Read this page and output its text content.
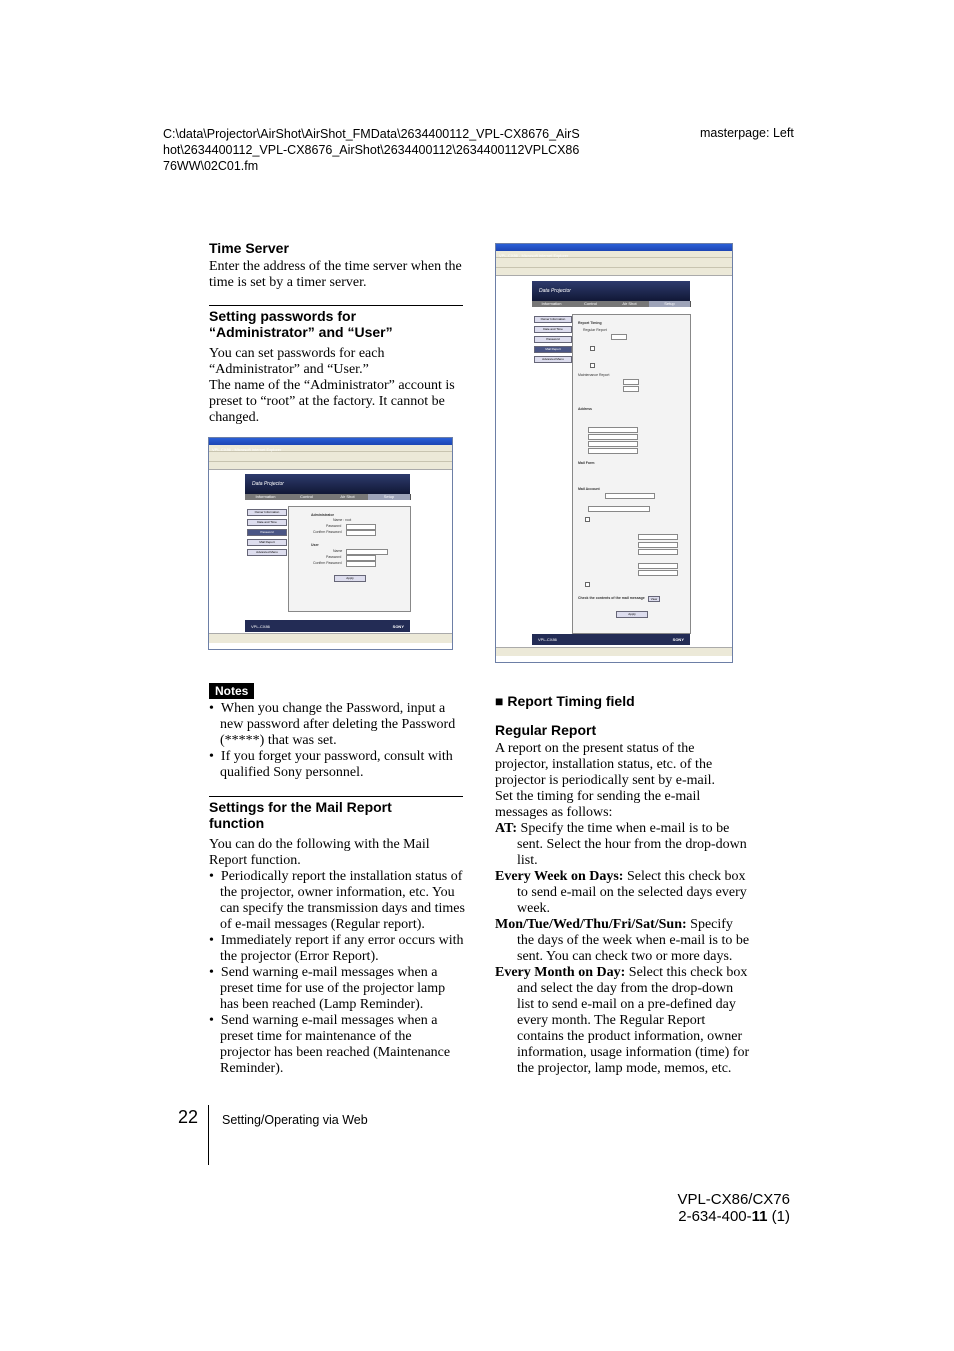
C:\data\Projector\AirShot\AirShot_FMData\2634400112_VPL-CX8676_AirShot\2634400112_VPL-CX8676_AirShot\2634400112\2634400112VPLCX8676WW\02C01.fm
masterpage: Left
Time Server
Enter the address of the time server when the time is set by a timer server.
Setting passwords for “Administrator” and “User”
You can set passwords for each “Administrator” and “User.”
The name of the “Administrator” account is preset to “root” at the factory. It cannot be changed.
VPL-CX86 - Microsoft Internet Explorer
Data Projector
Information	Control	Air Shot	Setup
Owner Information
Date and Time
Password
Mail Report
Advanced Menu
Administrator
Name : root
Password
Confirm Password
User
Name
Password
Confirm Password
Apply
VPL-CX86	SONY
Notes

•  When you change the Password, input a new password after deleting the Password (*****) that was set.

•  If you forget your password, consult with qualified Sony personnel.

Settings for the Mail Report function
You can do the following with the Mail Report function.

•  Periodically report the installation status of the projector, owner information, etc. You can specify the transmission days and times of e-mail messages (Regular report).

•  Immediately report if any error occurs with the projector (Error Report).

•  Send warning e-mail messages when a preset time for use of the projector lamp has been reached (Lamp Reminder).

•  Send warning e-mail messages when a preset time for maintenance of the projector has been reached (Maintenance Reminder).

VPL-CX86 - Microsoft Internet Explorer
Data Projector
Information	Control	Air Shot	Setup
Owner Information
Date and Time
Password
Mail Report
Advanced Menu
Report Timing
Regular Report
Maintenance Report
Address
Mail Form
Mail Account
Check the contents of the mail message	View
Apply
VPL-CX86	SONY
■ Report Timing field
Regular Report
A report on the present status of the projector, installation status, etc. of the projector is periodically sent by e-mail.
Set the timing for sending the e-mail messages as follows:

AT: Specify the time when e-mail is to be sent. Select the hour from the drop-down list.

Every Week on Days: Select this check box to send e-mail on the selected days every week.

Mon/Tue/Wed/Thu/Fri/Sat/Sun: Specify the days of the week when e-mail is to be sent. You can check two or more days.

Every Month on Day: Select this check box and select the day from the drop-down list to send e-mail on a pre-defined day every month. The Regular Report contains the product information, owner information, usage information (time) for the projector, lamp mode, memos, etc.

22 Setting/Operating via Web
VPL-CX86/CX76
2-634-400-11 (1)
